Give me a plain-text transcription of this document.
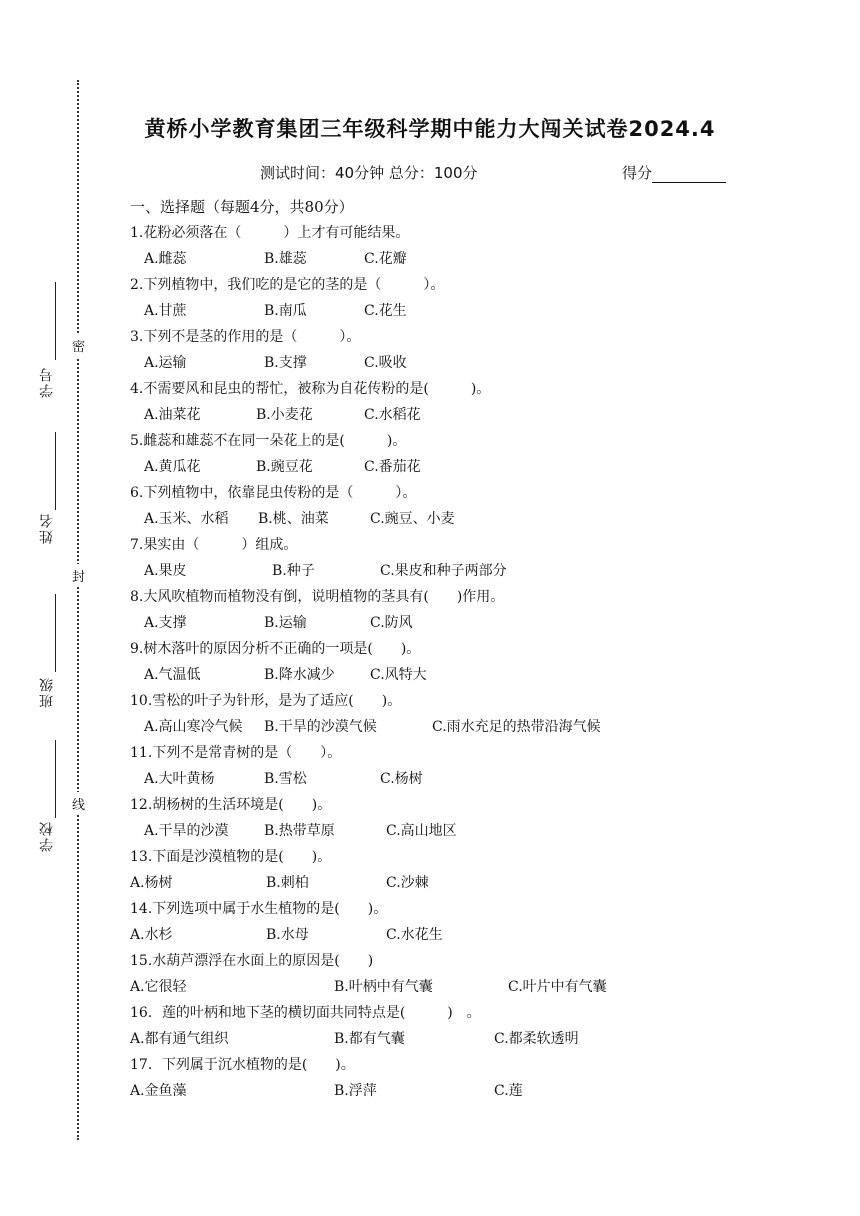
学号
姓名
班级
学校
密
封
线
黄桥小学教育集团三年级科学期中能力大闯关试卷2024.4
测试时间：40分钟 总分：100分	得分
一、选择题（每题4分，共80分）
1.花粉必须落在（　　　）上才有可能结果。
A.雌蕊	B.雄蕊	C.花瓣
2.下列植物中，我们吃的是它的茎的是（　　　）。
A.甘蔗	B.南瓜	C.花生
3.下列不是茎的作用的是（　　　）。
A.运输	B.支撑	C.吸收
4.不需要风和昆虫的帮忙，被称为自花传粉的是(　　　)。
A.油菜花	B.小麦花	C.水稻花
5.雌蕊和雄蕊不在同一朵花上的是(　　　)。
A.黄瓜花	B.豌豆花	C.番茄花
6.下列植物中，依靠昆虫传粉的是（　　　）。
A.玉米、水稻 B.桃、油菜	C.豌豆、小麦
7.果实由（　　　）组成。
A.果皮	B.种子	C.果皮和种子两部分
8.大风吹植物而植物没有倒，说明植物的茎具有(　　)作用。
A.支撑	B.运输	C.防风
9.树木落叶的原因分析不正确的一项是(　　)。
A.气温低	B.降水减少	C.风特大
10.雪松的叶子为针形，是为了适应(　　)。
A.高山寒冷气候 B.干旱的沙漠气候	C.雨水充足的热带沿海气候
11.下列不是常青树的是（　　）。
A.大叶黄杨	B.雪松	C.杨树
12.胡杨树的生活环境是(　　)。
A.干旱的沙漠	B.热带草原	C.高山地区
13.下面是沙漠植物的是(　　)。
A.杨树	B.刺柏	C.沙棘
14.下列选项中属于水生植物的是(　　)。
A.水杉	B.水母	C.水花生
15.水葫芦漂浮在水面上的原因是(　　)
A.它很轻	B.叶柄中有气囊	C.叶片中有气囊
16．莲的叶柄和地下茎的横切面共同特点是(　　　)　。
A.都有通气组织	B.都有气囊	C.都柔软透明
17．下列属于沉水植物的是(　　)。
A.金鱼藻	B.浮萍	C.莲
